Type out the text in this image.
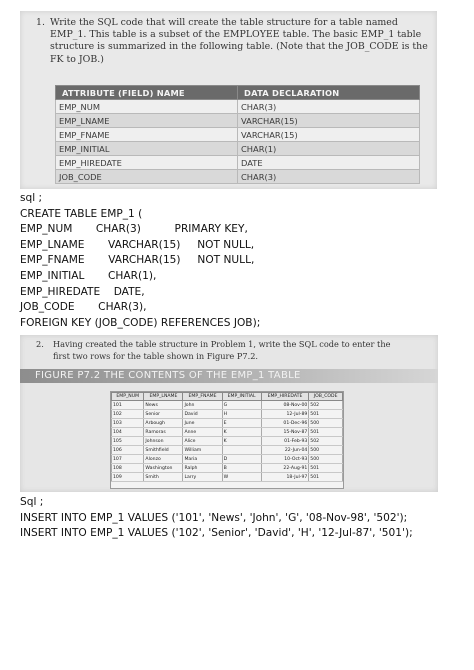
1. Write the SQL code that will create the table structure for a table named EMP_1. This table is a subset of the EMPLOYEE table. The basic EMP_1 table structure is summarized in the following table. (Note that the JOB_CODE is the FK to JOB.)
ATTRIBUTE (FIELD) NAME	DATA DECLARATION
EMP_NUM	CHAR(3)
EMP_LNAME	VARCHAR(15)
EMP_FNAME	VARCHAR(15)
EMP_INITIAL	CHAR(1)
EMP_HIREDATE	DATE
JOB_CODE	CHAR(3)
sql ;
CREATE TABLE EMP_1 (
EMP_NUM       CHAR(3)          PRIMARY KEY,
EMP_LNAME       VARCHAR(15)     NOT NULL,
EMP_FNAME       VARCHAR(15)     NOT NULL,
EMP_INITIAL       CHAR(1),
EMP_HIREDATE    DATE,
JOB_CODE       CHAR(3),
FOREIGN KEY (JOB_CODE) REFERENCES JOB);
2. Having created the table structure in Problem 1, write the SQL code to enter the first two rows for the table shown in Figure P7.2.
FIGURE P7.2 THE CONTENTS OF THE EMP_1 TABLE
EMP_NUM	EMP_LNAME	EMP_FNAME	EMP_INITIAL	EMP_HIREDATE	JOB_CODE
101	News	John	G	08-Nov-00	502
102	Senior	David	H	12-Jul-89	501
103	Arbough	June	E	01-Dec-96	500
104	Ramoras	Anne	K	15-Nov-87	501
105	Johnson	Alice	K	01-Feb-93	502
106	Smithfield	William		22-Jun-04	500
107	Alonzo	Maria	D	10-Oct-93	500
108	Washington	Ralph	B	22-Aug-91	501
109	Smith	Larry	W	18-Jul-97	501
Sql ;
INSERT INTO EMP_1 VALUES ('101', 'News', 'John', 'G', '08-Nov-98', '502');
INSERT INTO EMP_1 VALUES ('102', 'Senior', 'David', 'H', '12-Jul-87', '501');
